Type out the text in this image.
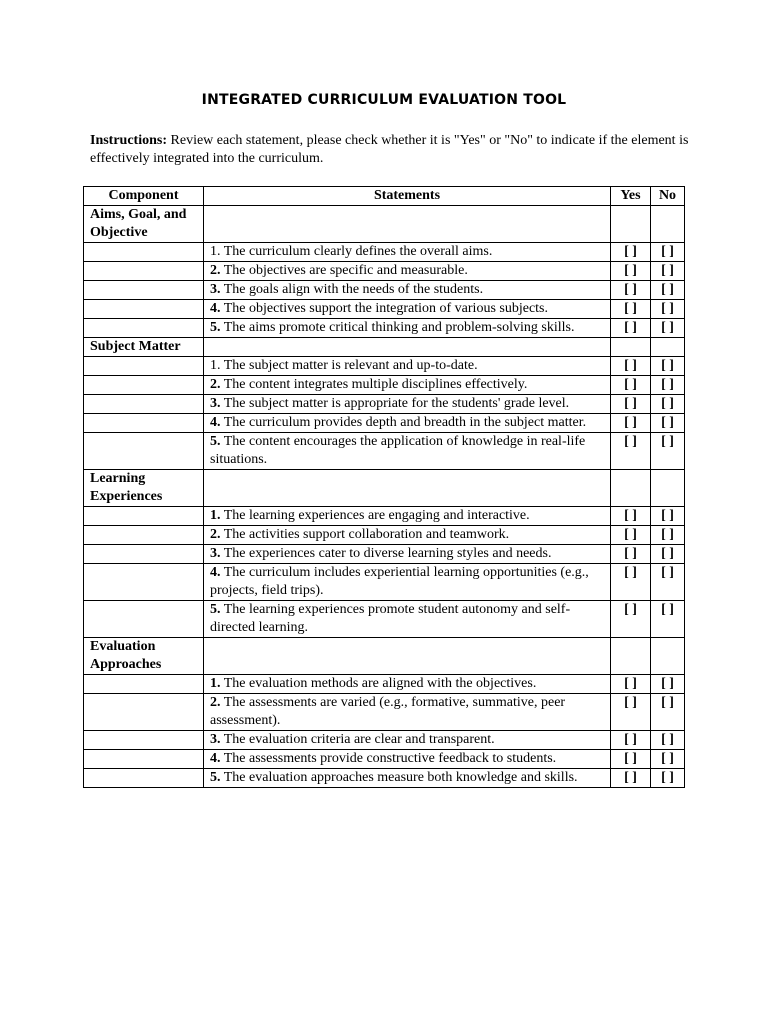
INTEGRATED CURRICULUM EVALUATION TOOL
Instructions: Review each statement, please check whether it is "Yes" or "No" to indicate if the element is effectively integrated into the curriculum.
Component	Statements	Yes	No
Aims, Goal, and Objective			
	1. The curriculum clearly defines the overall aims.	[ ]	[ ]
	2. The objectives are specific and measurable.	[ ]	[ ]
	3. The goals align with the needs of the students.	[ ]	[ ]
	4. The objectives support the integration of various subjects.	[ ]	[ ]
	5. The aims promote critical thinking and problem-solving skills.	[ ]	[ ]
Subject Matter			
	1. The subject matter is relevant and up-to-date.	[ ]	[ ]
	2. The content integrates multiple disciplines effectively.	[ ]	[ ]
	3. The subject matter is appropriate for the students' grade level.	[ ]	[ ]
	4. The curriculum provides depth and breadth in the subject matter.	[ ]	[ ]
	5. The content encourages the application of knowledge in real-life situations.	[ ]	[ ]
Learning Experiences			
	1. The learning experiences are engaging and interactive.	[ ]	[ ]
	2. The activities support collaboration and teamwork.	[ ]	[ ]
	3. The experiences cater to diverse learning styles and needs.	[ ]	[ ]
	4. The curriculum includes experiential learning opportunities (e.g., projects, field trips).	[ ]	[ ]
	5. The learning experiences promote student autonomy and self-directed learning.	[ ]	[ ]
Evaluation Approaches			
	1. The evaluation methods are aligned with the objectives.	[ ]	[ ]
	2. The assessments are varied (e.g., formative, summative, peer assessment).	[ ]	[ ]
	3. The evaluation criteria are clear and transparent.	[ ]	[ ]
	4. The assessments provide constructive feedback to students.	[ ]	[ ]
	5. The evaluation approaches measure both knowledge and skills.	[ ]	[ ]
